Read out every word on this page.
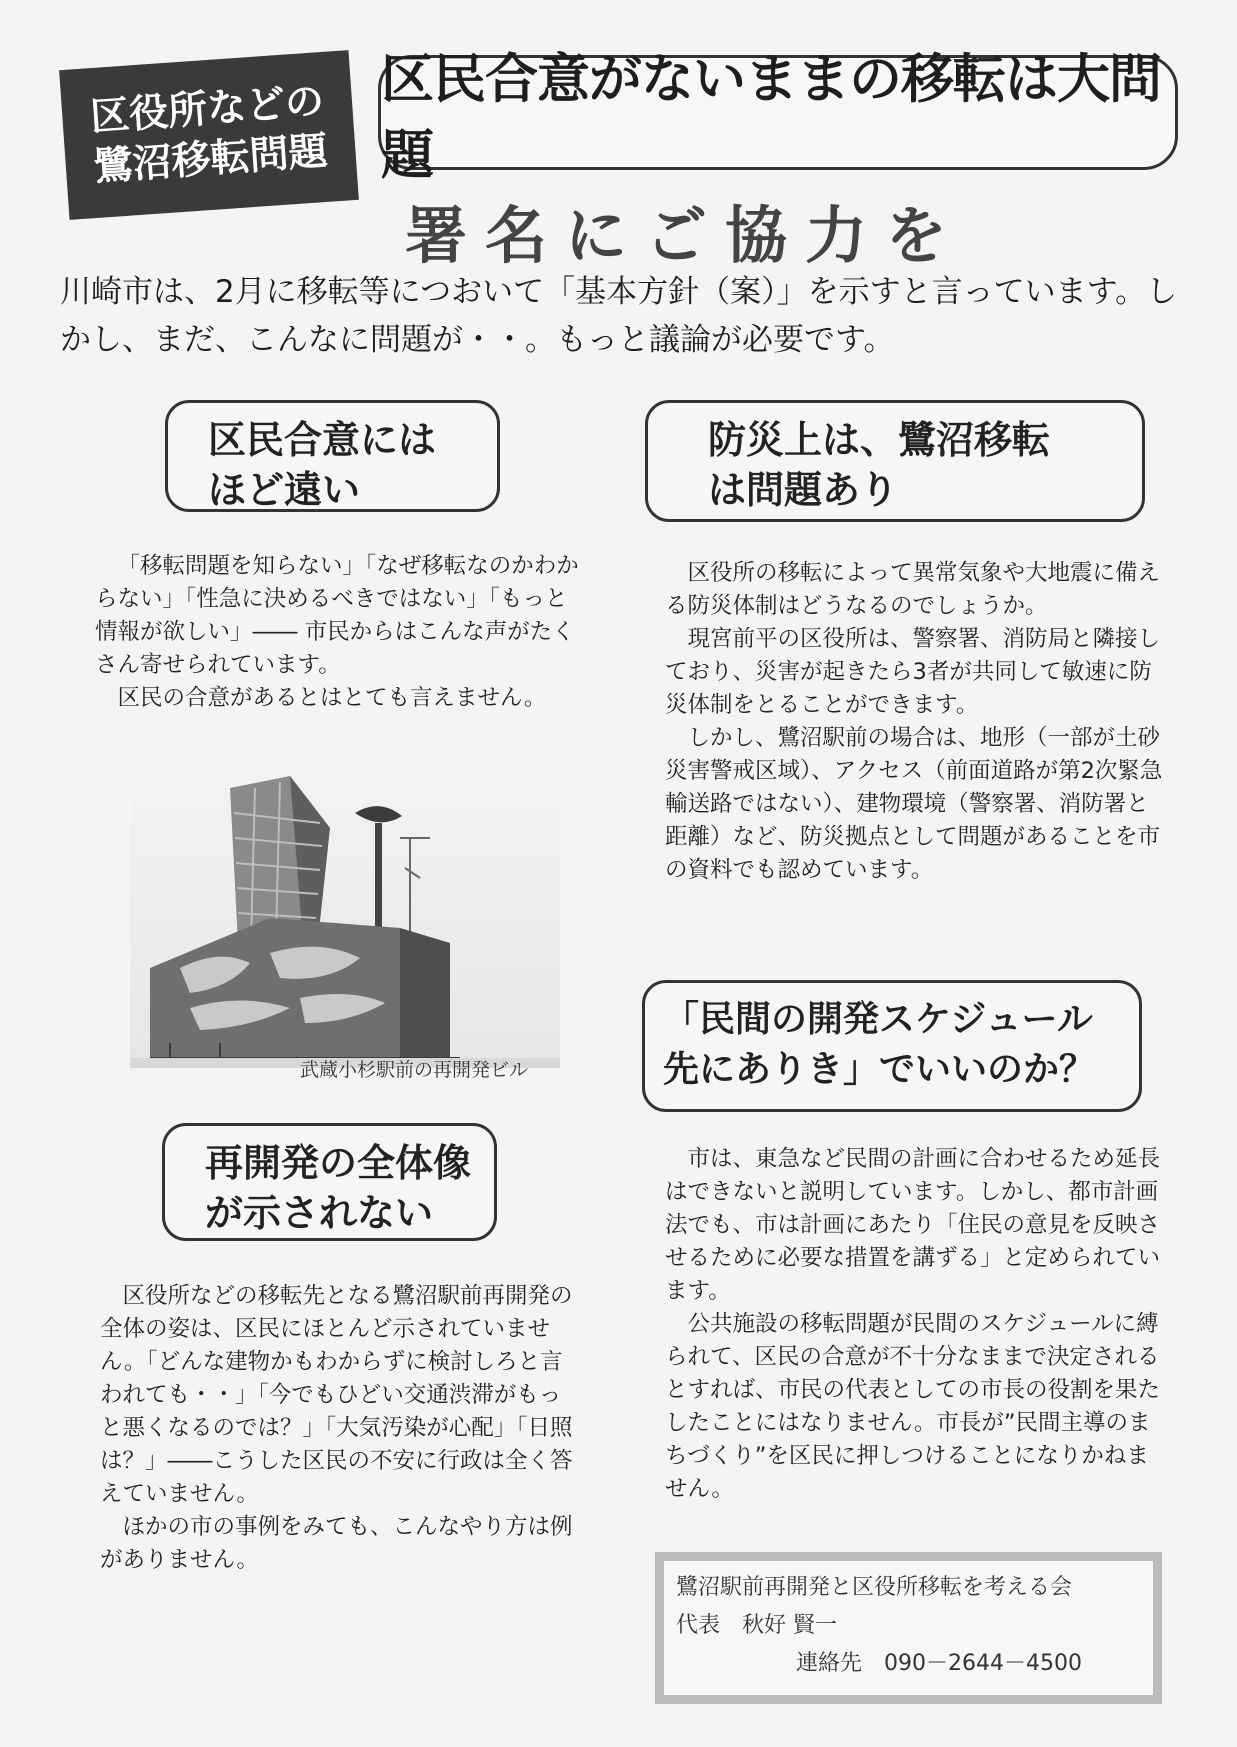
区役所などの
鷺沼移転問題
区民合意がないままの移転は大問題
署名にご協力を
川崎市は、2月に移転等につおいて「基本方針（案）」を示すと言っています。しかし、まだ、こんなに問題が・・。もっと議論が必要です。
区民合意には
ほど遠い

「移転問題を知らない」「なぜ移転なのかわからない」「性急に決めるべきではない」「もっと情報が欲しい」―― 市民からはこんな声がたくさん寄せられています。

区民の合意があるとはとても言えません。

武蔵小杉駅前の再開発ビル
再開発の全体像
が示されない

区役所などの移転先となる鷺沼駅前再開発の全体の姿は、区民にほとんど示されていません。「どんな建物かもわからずに検討しろと言われても・・」「今でもひどい交通渋滞がもっと悪くなるのでは？」「大気汚染が心配」「日照は？」――こうした区民の不安に行政は全く答えていません。

ほかの市の事例をみても、こんなやり方は例がありません。

防災上は、鷺沼移転
は問題あり

区役所の移転によって異常気象や大地震に備える防災体制はどうなるのでしょうか。

現宮前平の区役所は、警察署、消防局と隣接しており、災害が起きたら3者が共同して敏速に防災体制をとることができます。

しかし、鷺沼駅前の場合は、地形（一部が土砂災害警戒区域）、アクセス（前面道路が第2次緊急輸送路ではない）、建物環境（警察署、消防署と距離）など、防災拠点として問題があることを市の資料でも認めています。

「民間の開発スケジュール
先にありき」でいいのか？

市は、東急など民間の計画に合わせるため延長はできないと説明しています。しかし、都市計画法でも、市は計画にあたり「住民の意見を反映させるために必要な措置を講ずる」と定められています。

公共施設の移転問題が民間のスケジュールに縛られて、区民の合意が不十分なままで決定されるとすれば、市民の代表としての市長の役割を果たしたことにはなりません。市長が”民間主導のまちづくり”を区民に押しつけることになりかねません。

鷺沼駅前再開発と区役所移転を考える会
代表　秋好 賢一
連絡先　090－2644－4500
